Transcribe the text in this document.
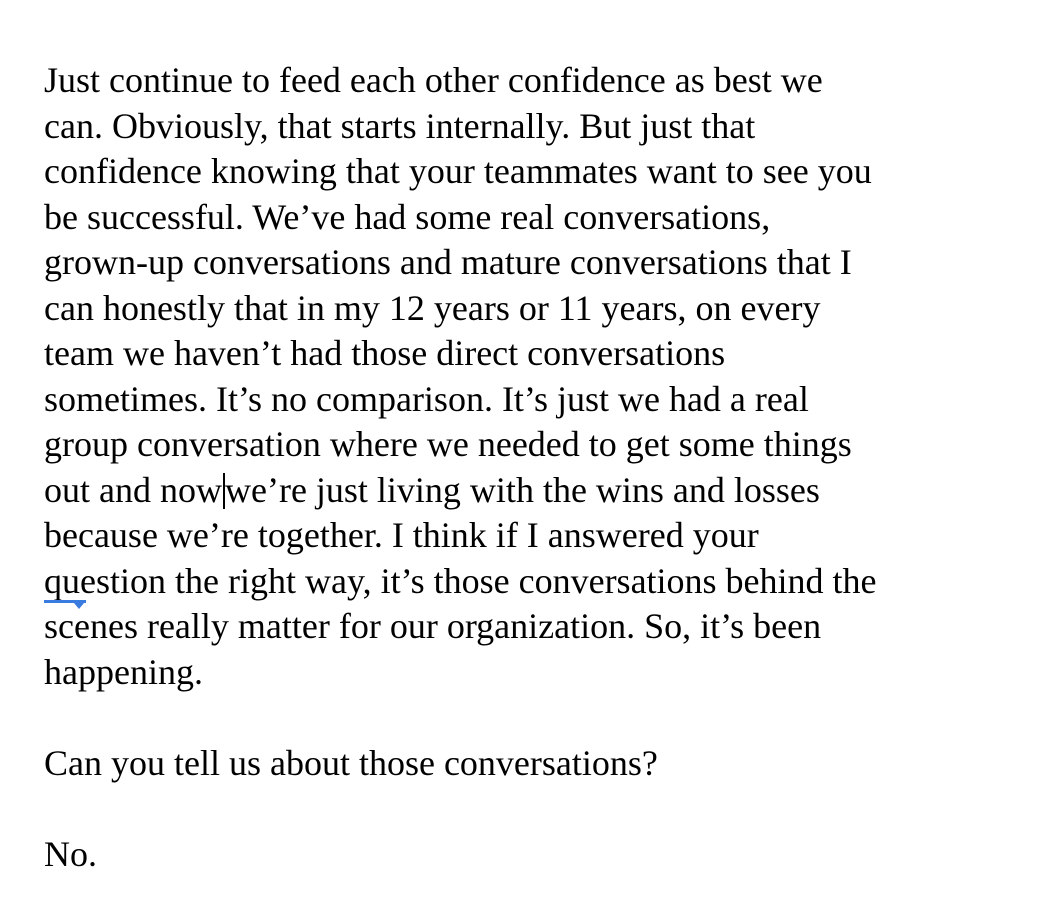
Just continue to feed each other confidence as best we
can. Obviously, that starts internally. But just that
confidence knowing that your teammates want to see you
be successful. We’ve had some real conversations,
grown-up conversations and mature conversations that I
can honestly that in my 12 years or 11 years, on every
team we haven’t had those direct conversations
sometimes. It’s no comparison. It’s just we had a real
group conversation where we needed to get some things
out and nowwe’re just living with the wins and losses
because we’re together. I think if I answered your
qu
estion the right way, it’s those conversations behind the
scenes really matter for our organization. So, it’s been
happening.
Can you tell us about those conversations?
No.
